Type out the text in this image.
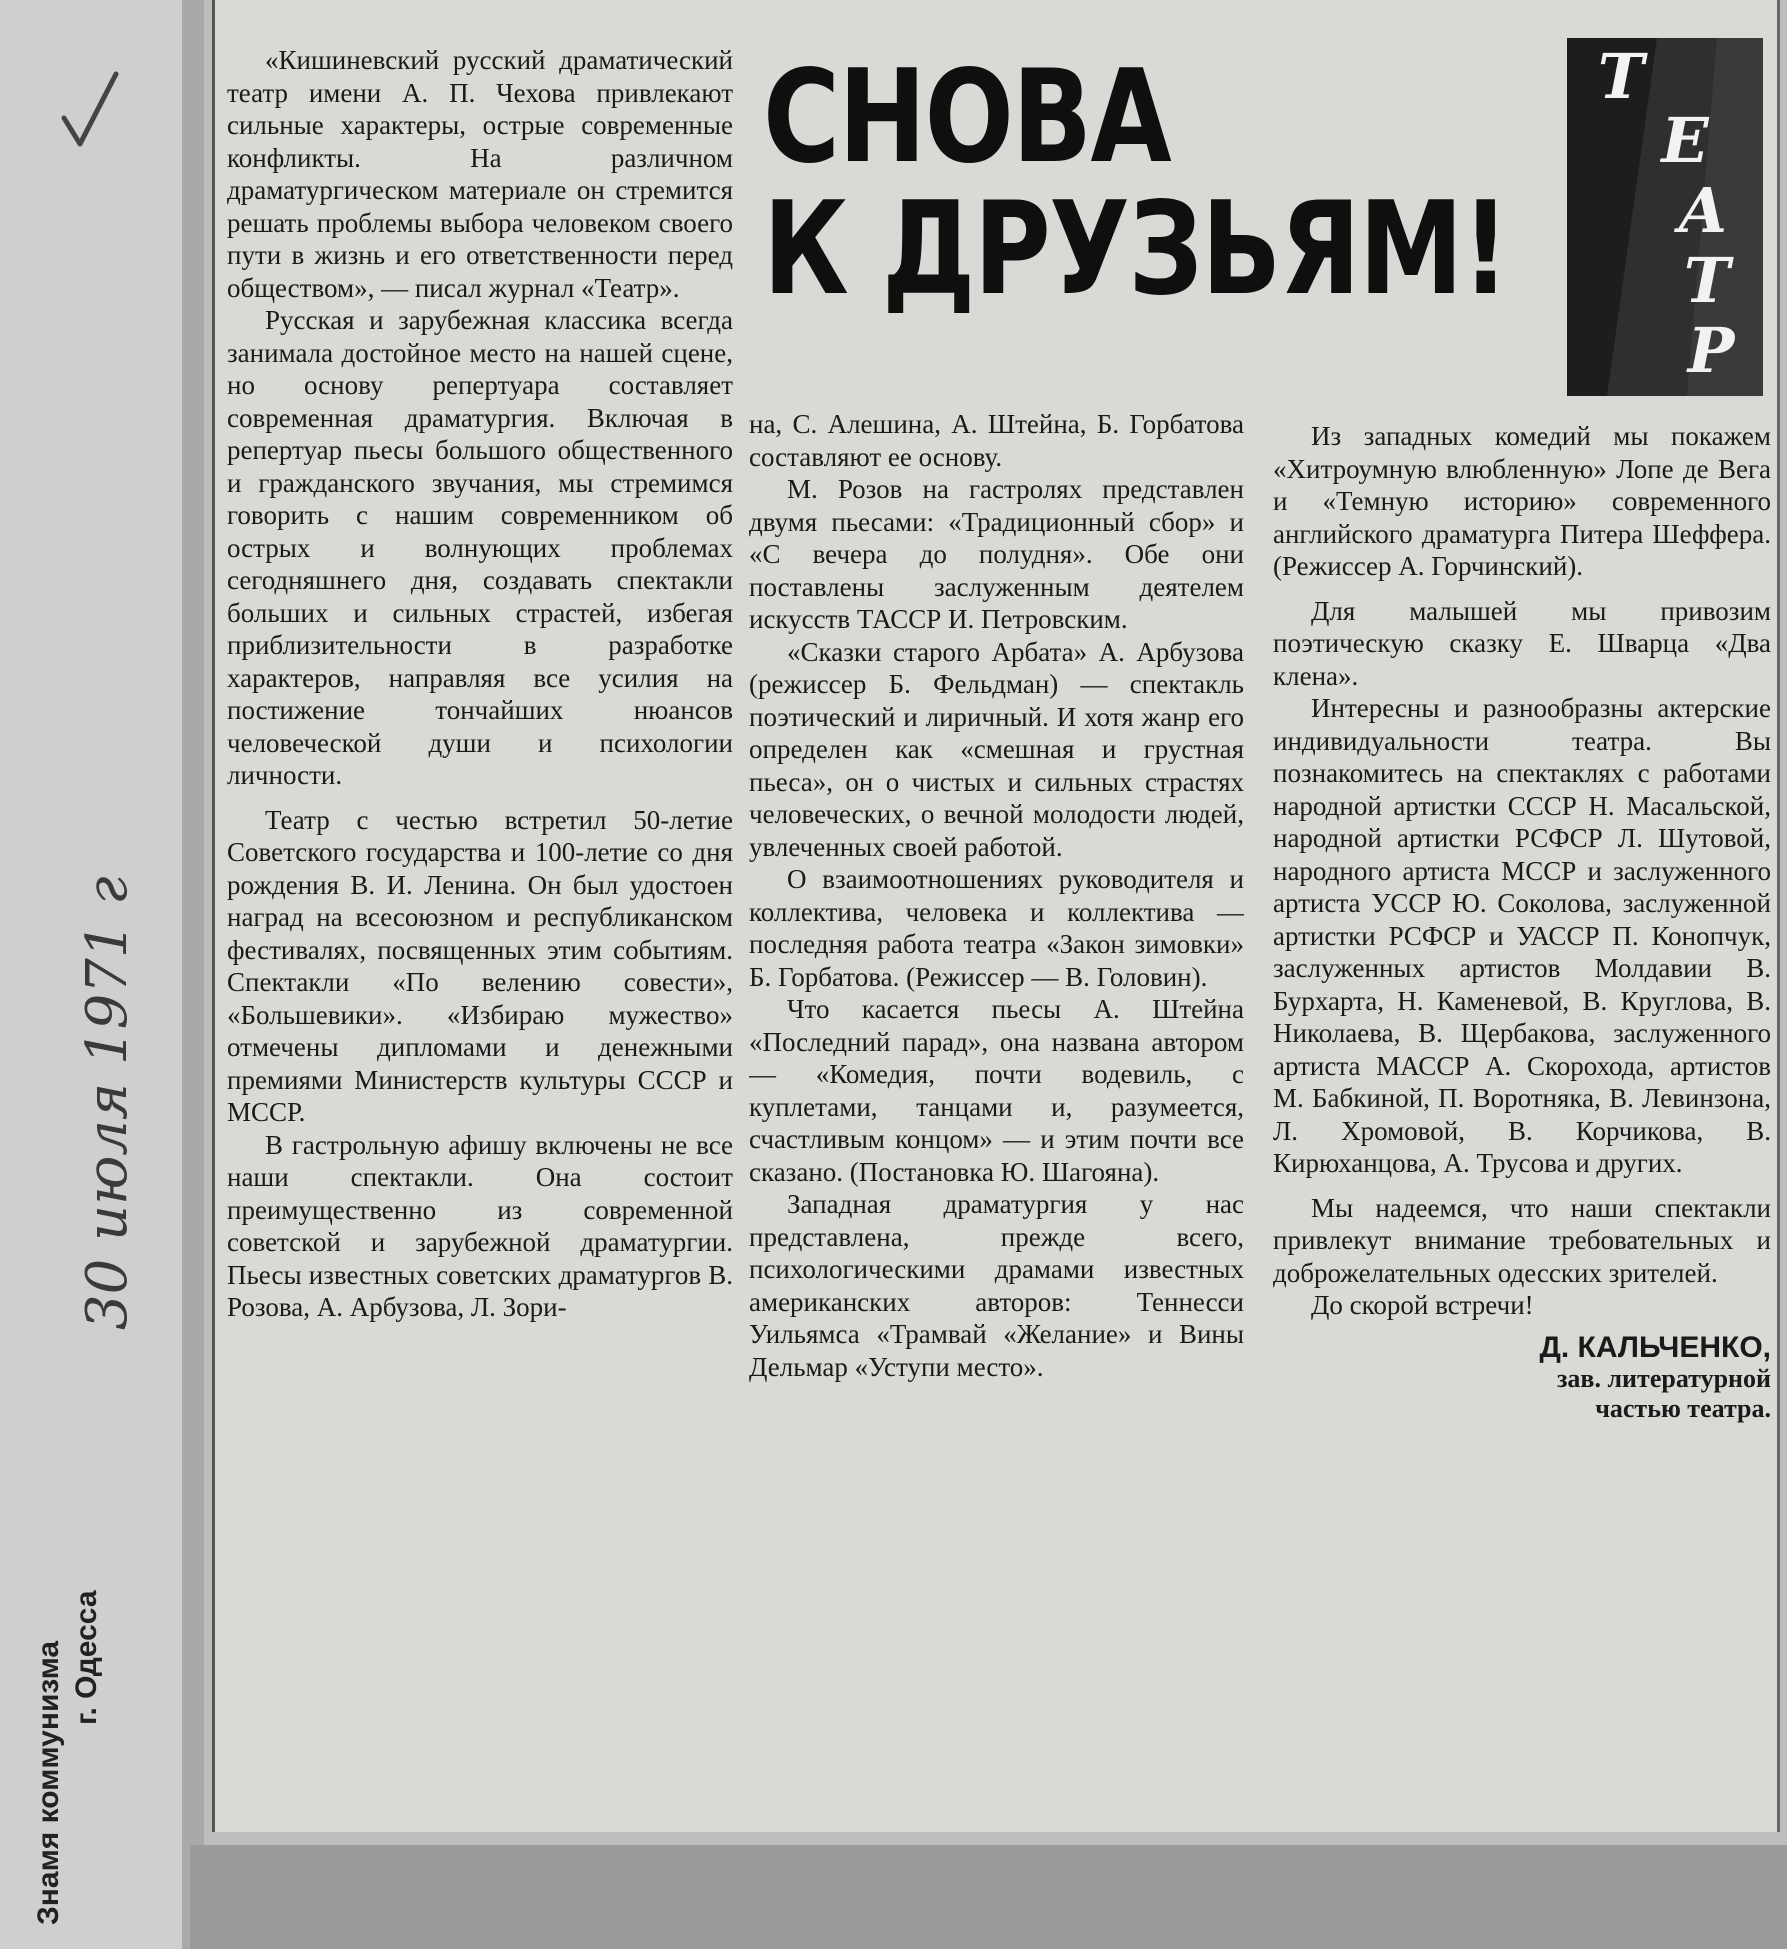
30 июля 1971 г
Знамя коммунизма г. Одесса

«Кишиневский русский драматический театр имени А. П. Чехова привлекают сильные характеры, острые современные конфликты. На различном драматургическом материале он стремится решать проблемы выбора человеком своего пути в жизнь и его ответственности перед обществом», — писал журнал «Театр».

Русская и зарубежная классика всегда занимала достойное место на нашей сцене, но основу репертуара составляет современная драматургия. Включая в репертуар пьесы большого общественного и гражданского звучания, мы стремимся говорить с нашим современником об острых и волнующих проблемах сегодняшнего дня, создавать спектакли больших и сильных страстей, избегая приблизительности в разработке характеров, направляя все усилия на постижение тончайших нюансов человеческой души и психологии личности.

Театр с честью встретил 50-летие Советского государства и 100-летие со дня рождения В. И. Ленина. Он был удостоен наград на всесоюзном и республиканском фестивалях, посвященных этим событиям. Спектакли «По велению совести», «Большевики». «Избираю мужество» отмечены дипломами и денежными премиями Министерств культуры СССР и МССР.

В гастрольную афишу включены не все наши спектакли. Она состоит преимущественно из современной советской и зарубежной драматургии. Пьесы известных советских драматургов В. Розова, А. Арбузова, Л. Зори-

СНОВА
К ДРУЗЬЯМ!
Т
Е
А
Т
Р

на, С. Алешина, А. Штейна, Б. Горбатова составляют ее основу.

М. Розов на гастролях представлен двумя пьесами: «Традиционный сбор» и «С вечера до полудня». Обе они поставлены заслуженным деятелем искусств ТАССР И. Петровским.

«Сказки старого Арбата» А. Арбузова (режиссер Б. Фельдман) — спектакль поэтический и лиричный. И хотя жанр его определен как «смешная и грустная пьеса», он о чистых и сильных страстях человеческих, о вечной молодости людей, увлеченных своей работой.

О взаимоотношениях руководителя и коллектива, человека и коллектива — последняя работа театра «Закон зимовки» Б. Горбатова. (Режиссер — В. Головин).

Что касается пьесы А. Штейна «Последний парад», она названа автором — «Комедия, почти водевиль, с куплетами, танцами и, разумеется, счастливым концом» — и этим почти все сказано. (Постановка Ю. Шагояна).

Западная драматургия у нас представлена, прежде всего, психологическими драмами известных американских авторов: Теннесси Уильямса «Трамвай «Желание» и Вины Дельмар «Уступи место».

Из западных комедий мы покажем «Хитроумную влюбленную» Лопе де Вега и «Темную историю» современного английского драматурга Питера Шеффера. (Режиссер А. Горчинский).

Для малышей мы привозим поэтическую сказку Е. Шварца «Два клена».

Интересны и разнообразны актерские индивидуальности театра. Вы познакомитесь на спектаклях с работами народной артистки СССР Н. Масальской, народной артистки РСФСР Л. Шутовой, народного артиста МССР и заслуженного артиста УССР Ю. Соколова, заслуженной артистки РСФСР и УАССР П. Конопчук, заслуженных артистов Молдавии В. Бурхарта, Н. Каменевой, В. Круглова, В. Николаева, В. Щербакова, заслуженного артиста МАССР А. Скорохода, артистов М. Бабкиной, П. Воротняка, В. Левинзона, Л. Хромовой, В. Корчикова, В. Кирюханцова, А. Трусова и других.

Мы надеемся, что наши спектакли привлекут внимание требовательных и доброжелательных одесских зрителей.

До скорой встречи!

Д. КАЛЬЧЕНКО,
зав. литературной
частью театра.
